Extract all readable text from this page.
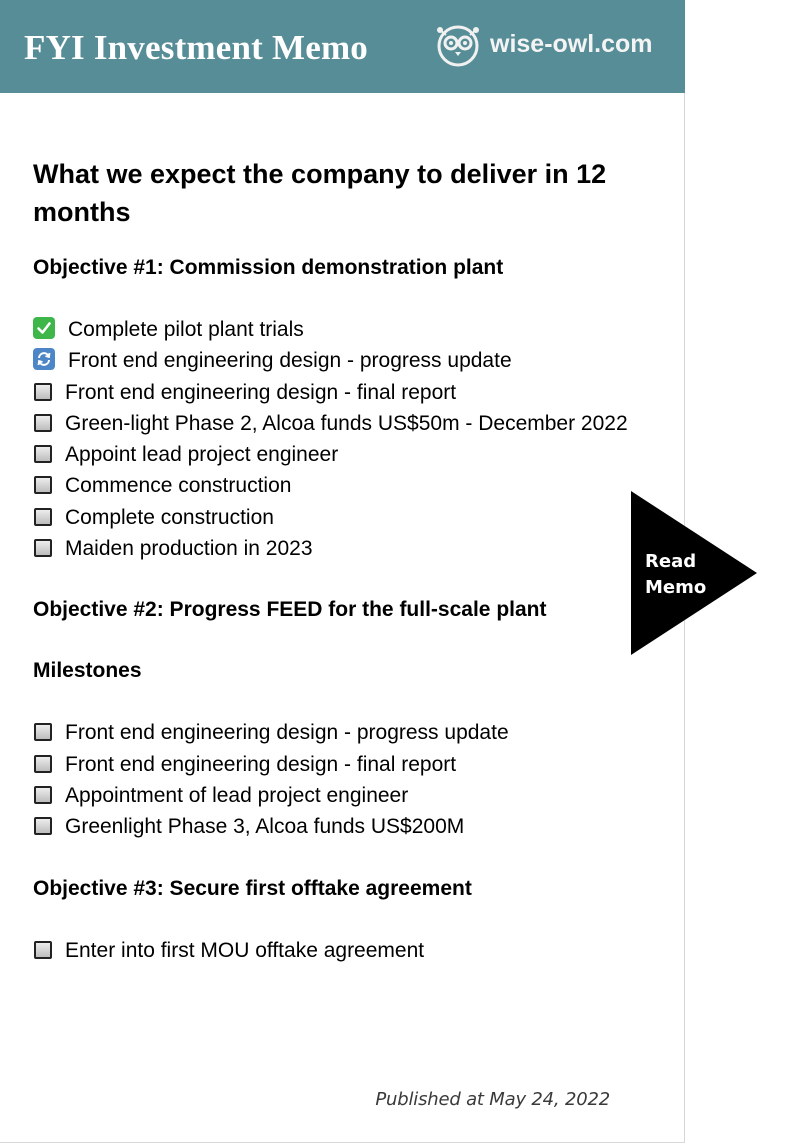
FYI Investment Memo	wise-owl.com
What we expect the company to deliver in 12 months
Objective #1: Commission demonstration plant
Complete pilot plant trials
Front end engineering design - progress update
Front end engineering design - final report
Green-light Phase 2, Alcoa funds US$50m - December 2022
Appoint lead project engineer
Commence construction
Complete construction
Maiden production in 2023
Objective #2: Progress FEED for the full-scale plant
Milestones
Front end engineering design - progress update
Front end engineering design - final report
Appointment of lead project engineer
Greenlight Phase 3, Alcoa funds US$200M
Objective #3: Secure first offtake agreement
Enter into first MOU offtake agreement
Published at May 24, 2022
Read
Memo
